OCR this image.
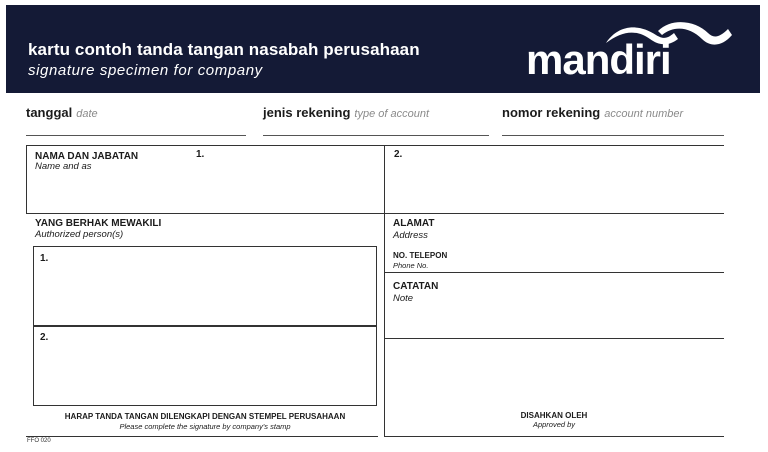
kartu contoh tanda tangan nasabah perusahaan
signature specimen for company	mandiri
tanggal date	jenis rekening type of account	nomor rekening account number
NAMA DAN JABATAN
Name and as
1.	2.
YANG BERHAK MEWAKILI
Authorized person(s)
1.
2.
HARAP TANDA TANGAN DILENGKAPI DENGAN STEMPEL PERUSAHAAN
Please complete the signature by company's stamp
ALAMAT
Address
NO. TELEPON
Phone No.
CATATAN
Note
DISAHKAN OLEH
Approved by
FFO 020
